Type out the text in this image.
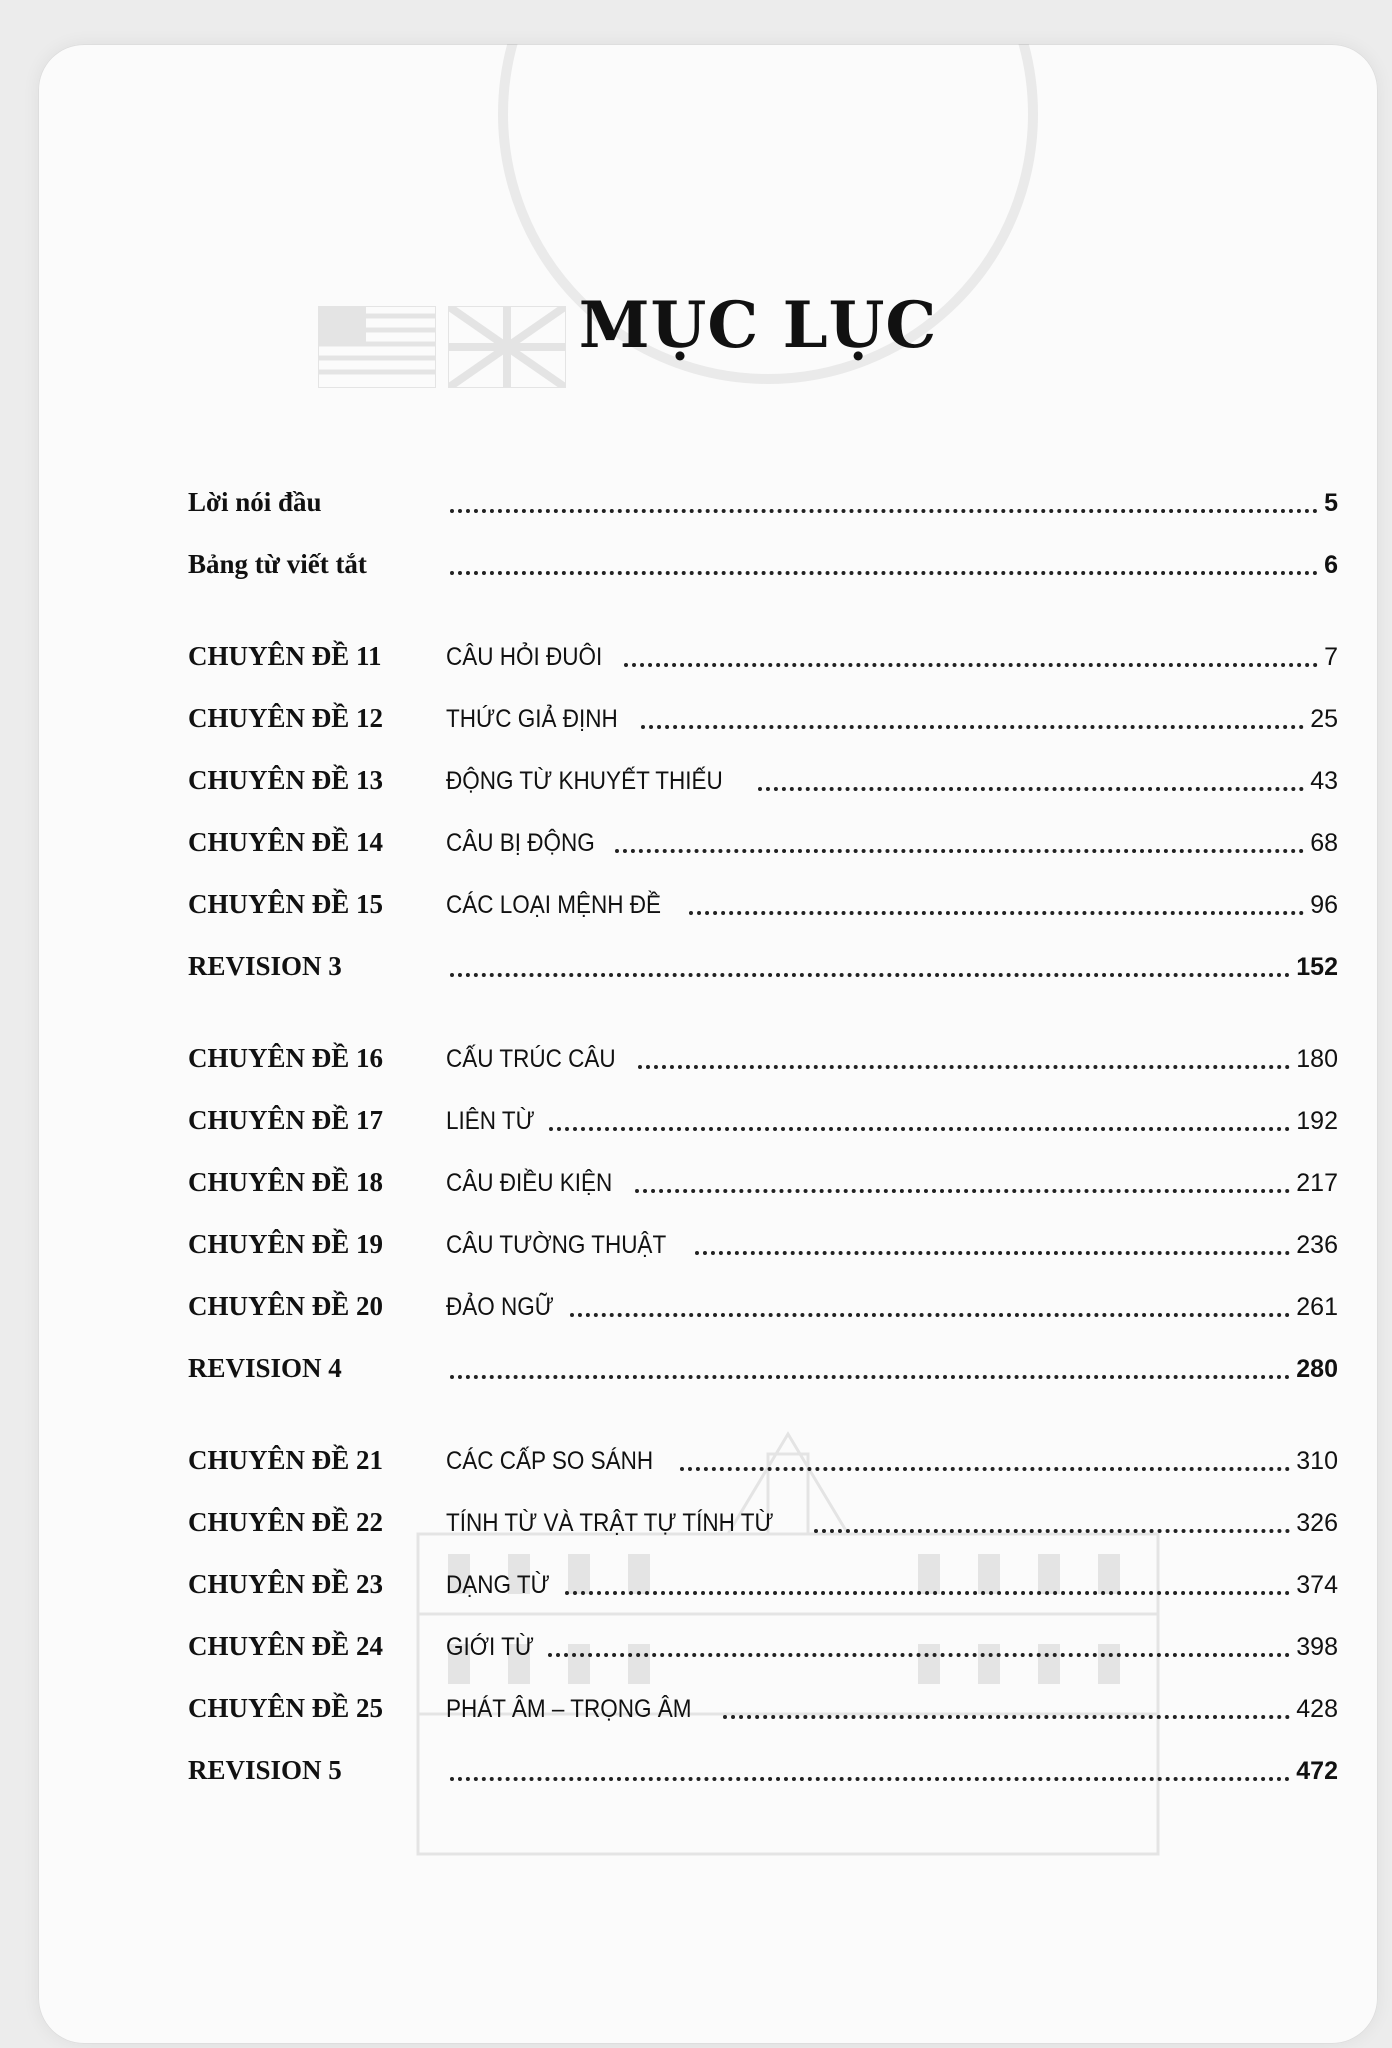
MỤC LỤC
Lời nói đầu	5
Bảng từ viết tắt	6
CHUYÊN ĐỀ 11	CÂU HỎI ĐUÔI	7
CHUYÊN ĐỀ 12	THỨC GIẢ ĐỊNH	25
CHUYÊN ĐỀ 13	ĐỘNG TỪ KHUYẾT THIẾU	43
CHUYÊN ĐỀ 14	CÂU BỊ ĐỘNG	68
CHUYÊN ĐỀ 15	CÁC LOẠI MỆNH ĐỀ	96
REVISION 3	152
CHUYÊN ĐỀ 16	CẤU TRÚC CÂU	180
CHUYÊN ĐỀ 17	LIÊN TỪ	192
CHUYÊN ĐỀ 18	CÂU ĐIỀU KIỆN	217
CHUYÊN ĐỀ 19	CÂU TƯỜNG THUẬT	236
CHUYÊN ĐỀ 20	ĐẢO NGỮ	261
REVISION 4	280
CHUYÊN ĐỀ 21	CÁC CẤP SO SÁNH	310
CHUYÊN ĐỀ 22	TÍNH TỪ VÀ TRẬT TỰ TÍNH TỪ	326
CHUYÊN ĐỀ 23	DẠNG TỪ	374
CHUYÊN ĐỀ 24	GIỚI TỪ	398
CHUYÊN ĐỀ 25	PHÁT ÂM – TRỌNG ÂM	428
REVISION 5	472
